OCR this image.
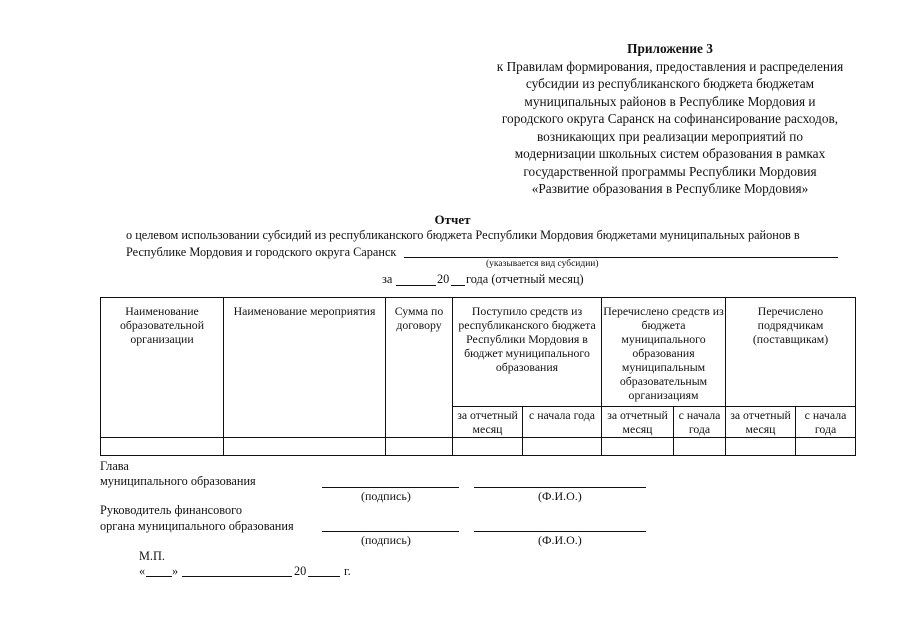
Приложение 3
к Правилам формирования, предоставления и распределения
субсидии из республиканского бюджета бюджетам
муниципальных районов в Республике Мордовия и
городского округа Саранск на софинансирование расходов,
возникающих при реализации мероприятий по
модернизации школьных систем образования в рамках
государственной программы Республики Мордовия
«Развитие образования в Республике Мордовия»
Отчет
о целевом использовании субсидий из республиканского бюджета Республики Мордовия бюджетами муниципальных районов в
Республике Мордовия и городского округа Саранск
(указывается вид субсидии)
за	20 года (отчетный месяц)
Наименование образовательной организации	Наименование мероприятия	Сумма по договору	Поступило средств из республиканского бюджета Республики Мордовия в бюджет муниципального образования		Перечислено средств из бюджета муниципального образования муниципальным образовательным организациям		Перечислено подрядчикам (поставщикам)	
			за отчетный месяц	с начала года	за отчетный месяц	с начала года	за отчетный месяц	с начала года

Глава
муниципального образования
(подпись)	(Ф.И.О.)
Руководитель финансового
органа муниципального образования
(подпись)	(Ф.И.О.)
М.П.
« »	20	г.
